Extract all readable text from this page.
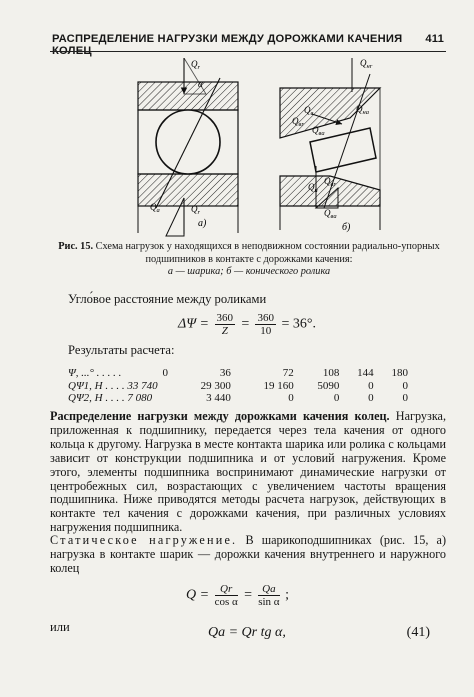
РАСПРЕДЕЛЕНИЕ НАГРУЗКИ МЕЖДУ ДОРОЖКАМИ КАЧЕНИЯ КОЛЕЦ
411
$Q_r$
α
$Q_a$	$Q_r$
a)
$Q_{нr}$
$Q_{нa}$
$Q_в$
$Q_{вr}$
$Q_{вa}$
$Q_н$
$Q_{вr}$
$Q_{вa}$
б)
Рис. 15. Схема нагрузок у находящихся в неподвижном состоянии радиально-упорных подшипников в контакте с дорожками качения:
а — шарика; б — конического ролика
Угло́вое расстояние между роликами
$\Delta\Psi = \frac{360}{Z} = \frac{360}{10} = 36^\circ$.
Результаты расчета:
Ψ, ...° . . . . .	0	36	72	108	144	180
QΨ1, Н . . . . 33 740		29 300	19 160	5090	0	0
QΨ2, Н . . . . 7 080		3 440	0	0	0	0
Распределение нагрузки между дорожками качения колец. Нагрузка, приложенная к подшипнику, передается через тела качения от одного кольца к другому. Нагрузка в месте контакта шарика или ролика с кольцами зависит от конструкции подшипника и от условий нагружения. Кроме этого, элементы подшипника воспринимают динамические нагрузки от центробежных сил, возрастающих с увеличением частоты вращения подшипника. Ниже приводятся методы расчета нагрузок, действующих в контакте тел качения с дорожками качения, при различных условиях нагружения подшипника.
Статическое нагружение. В шарикоподшипниках (рис. 15, а) нагрузка в контакте шарик — дорожки качения внутреннего и наружного колец
$Q = \frac{Qr}{\text{cos α}} = \frac{Qa}{\text{sin α}}$ ;
или	Qa = Qr tg α,	(41)
